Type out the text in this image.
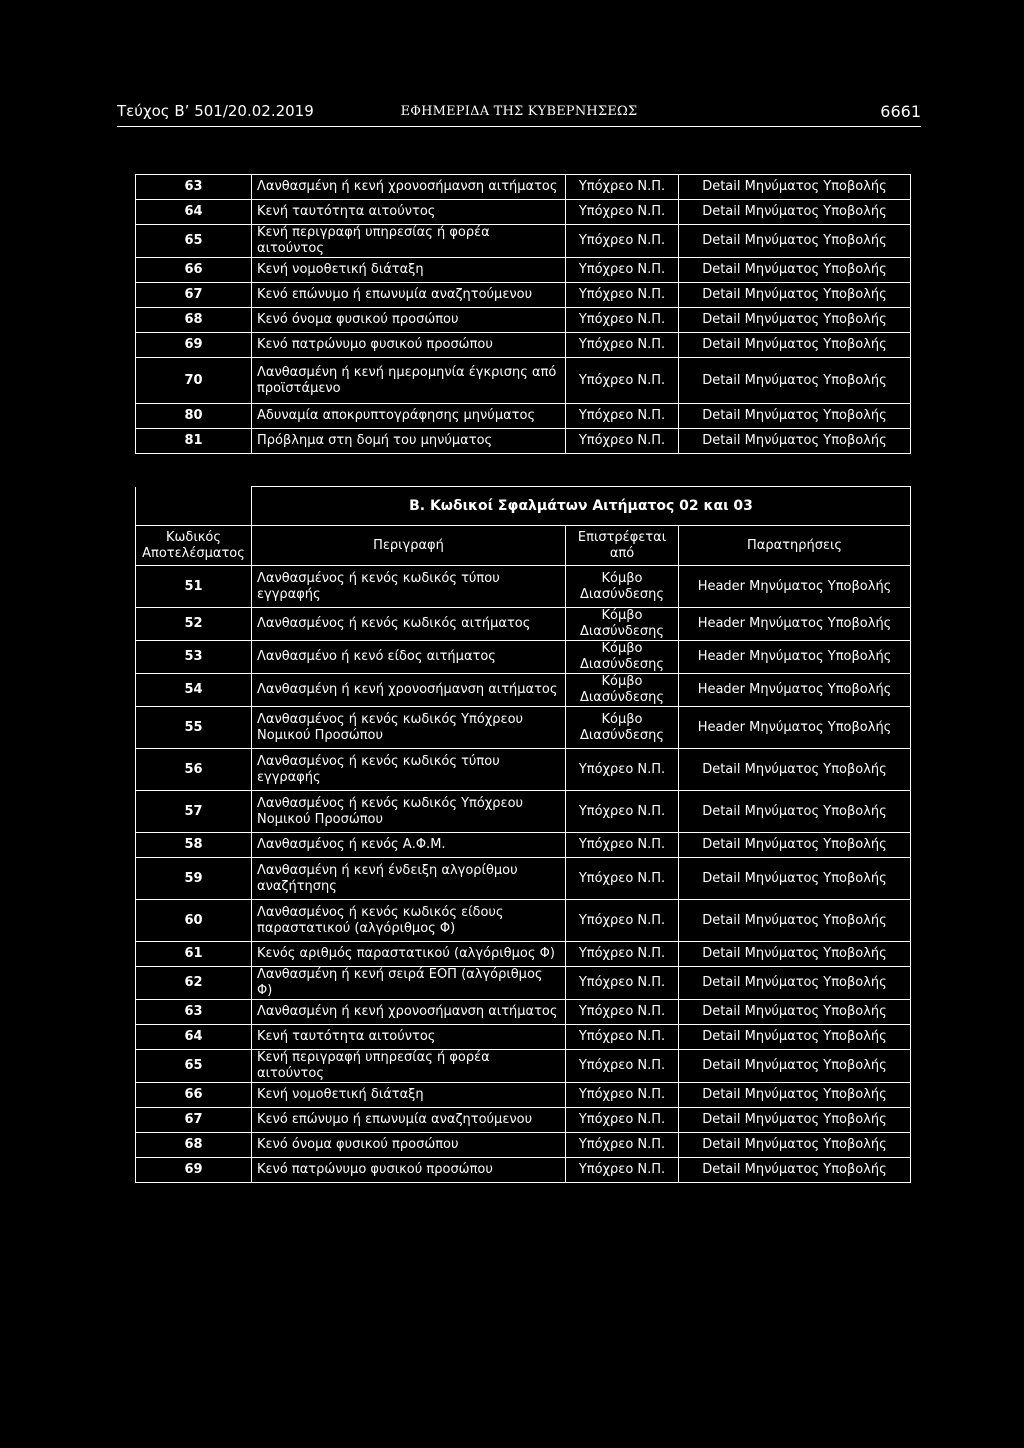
Τεύχος Β’ 501/20.02.2019	ΕΦΗΜΕΡΙΔΑ ΤΗΣ ΚΥΒΕΡΝΗΣΕΩΣ	6661
63	Λανθασμένη ή κενή χρονοσήμανση αιτήματος	Υπόχρεο Ν.Π.	Detail Μηνύματος Υποβολής
64	Κενή ταυτότητα αιτούντος	Υπόχρεο Ν.Π.	Detail Μηνύματος Υποβολής
65	Κενή περιγραφή υπηρεσίας ή φορέα αιτούντος	Υπόχρεο Ν.Π.	Detail Μηνύματος Υποβολής
66	Κενή νομοθετική διάταξη	Υπόχρεο Ν.Π.	Detail Μηνύματος Υποβολής
67	Κενό επώνυμο ή επωνυμία αναζητούμενου	Υπόχρεο Ν.Π.	Detail Μηνύματος Υποβολής
68	Κενό όνομα φυσικού προσώπου	Υπόχρεο Ν.Π.	Detail Μηνύματος Υποβολής
69	Κενό πατρώνυμο φυσικού προσώπου	Υπόχρεο Ν.Π.	Detail Μηνύματος Υποβολής
70	Λανθασμένη ή κενή ημερομηνία έγκρισης από προϊστάμενο	Υπόχρεο Ν.Π.	Detail Μηνύματος Υποβολής
80	Αδυναμία αποκρυπτογράφησης μηνύματος	Υπόχρεο Ν.Π.	Detail Μηνύματος Υποβολής
81	Πρόβλημα στη δομή του μηνύματος	Υπόχρεο Ν.Π.	Detail Μηνύματος Υποβολής
	Β. Κωδικοί Σφαλμάτων Αιτήματος 02 και 03		
Κωδικός Αποτελέσματος	Περιγραφή	Επιστρέφεται από	Παρατηρήσεις
51	Λανθασμένος ή κενός κωδικός τύπου εγγραφής	Κόμβο Διασύνδεσης	Header Μηνύματος Υποβολής
52	Λανθασμένος ή κενός κωδικός αιτήματος	Κόμβο Διασύνδεσης	Header Μηνύματος Υποβολής
53	Λανθασμένο ή κενό είδος αιτήματος	Κόμβο Διασύνδεσης	Header Μηνύματος Υποβολής
54	Λανθασμένη ή κενή χρονοσήμανση αιτήματος	Κόμβο Διασύνδεσης	Header Μηνύματος Υποβολής
55	Λανθασμένος ή κενός κωδικός Υπόχρεου Νομικού Προσώπου	Κόμβο Διασύνδεσης	Header Μηνύματος Υποβολής
56	Λανθασμένος ή κενός κωδικός τύπου εγγραφής	Υπόχρεο Ν.Π.	Detail Μηνύματος Υποβολής
57	Λανθασμένος ή κενός κωδικός Υπόχρεου Νομικού Προσώπου	Υπόχρεο Ν.Π.	Detail Μηνύματος Υποβολής
58	Λανθασμένος ή κενός Α.Φ.Μ.	Υπόχρεο Ν.Π.	Detail Μηνύματος Υποβολής
59	Λανθασμένη ή κενή ένδειξη αλγορίθμου αναζήτησης	Υπόχρεο Ν.Π.	Detail Μηνύματος Υποβολής
60	Λανθασμένος ή κενός κωδικός είδους παραστατικού (αλγόριθμος Φ)	Υπόχρεο Ν.Π.	Detail Μηνύματος Υποβολής
61	Κενός αριθμός παραστατικού (αλγόριθμος Φ)	Υπόχρεο Ν.Π.	Detail Μηνύματος Υποβολής
62	Λανθασμένη ή κενή σειρά ΕΟΠ (αλγόριθμος Φ)	Υπόχρεο Ν.Π.	Detail Μηνύματος Υποβολής
63	Λανθασμένη ή κενή χρονοσήμανση αιτήματος	Υπόχρεο Ν.Π.	Detail Μηνύματος Υποβολής
64	Κενή ταυτότητα αιτούντος	Υπόχρεο Ν.Π.	Detail Μηνύματος Υποβολής
65	Κενή περιγραφή υπηρεσίας ή φορέα αιτούντος	Υπόχρεο Ν.Π.	Detail Μηνύματος Υποβολής
66	Κενή νομοθετική διάταξη	Υπόχρεο Ν.Π.	Detail Μηνύματος Υποβολής
67	Κενό επώνυμο ή επωνυμία αναζητούμενου	Υπόχρεο Ν.Π.	Detail Μηνύματος Υποβολής
68	Κενό όνομα φυσικού προσώπου	Υπόχρεο Ν.Π.	Detail Μηνύματος Υποβολής
69	Κενό πατρώνυμο φυσικού προσώπου	Υπόχρεο Ν.Π.	Detail Μηνύματος Υποβολής
